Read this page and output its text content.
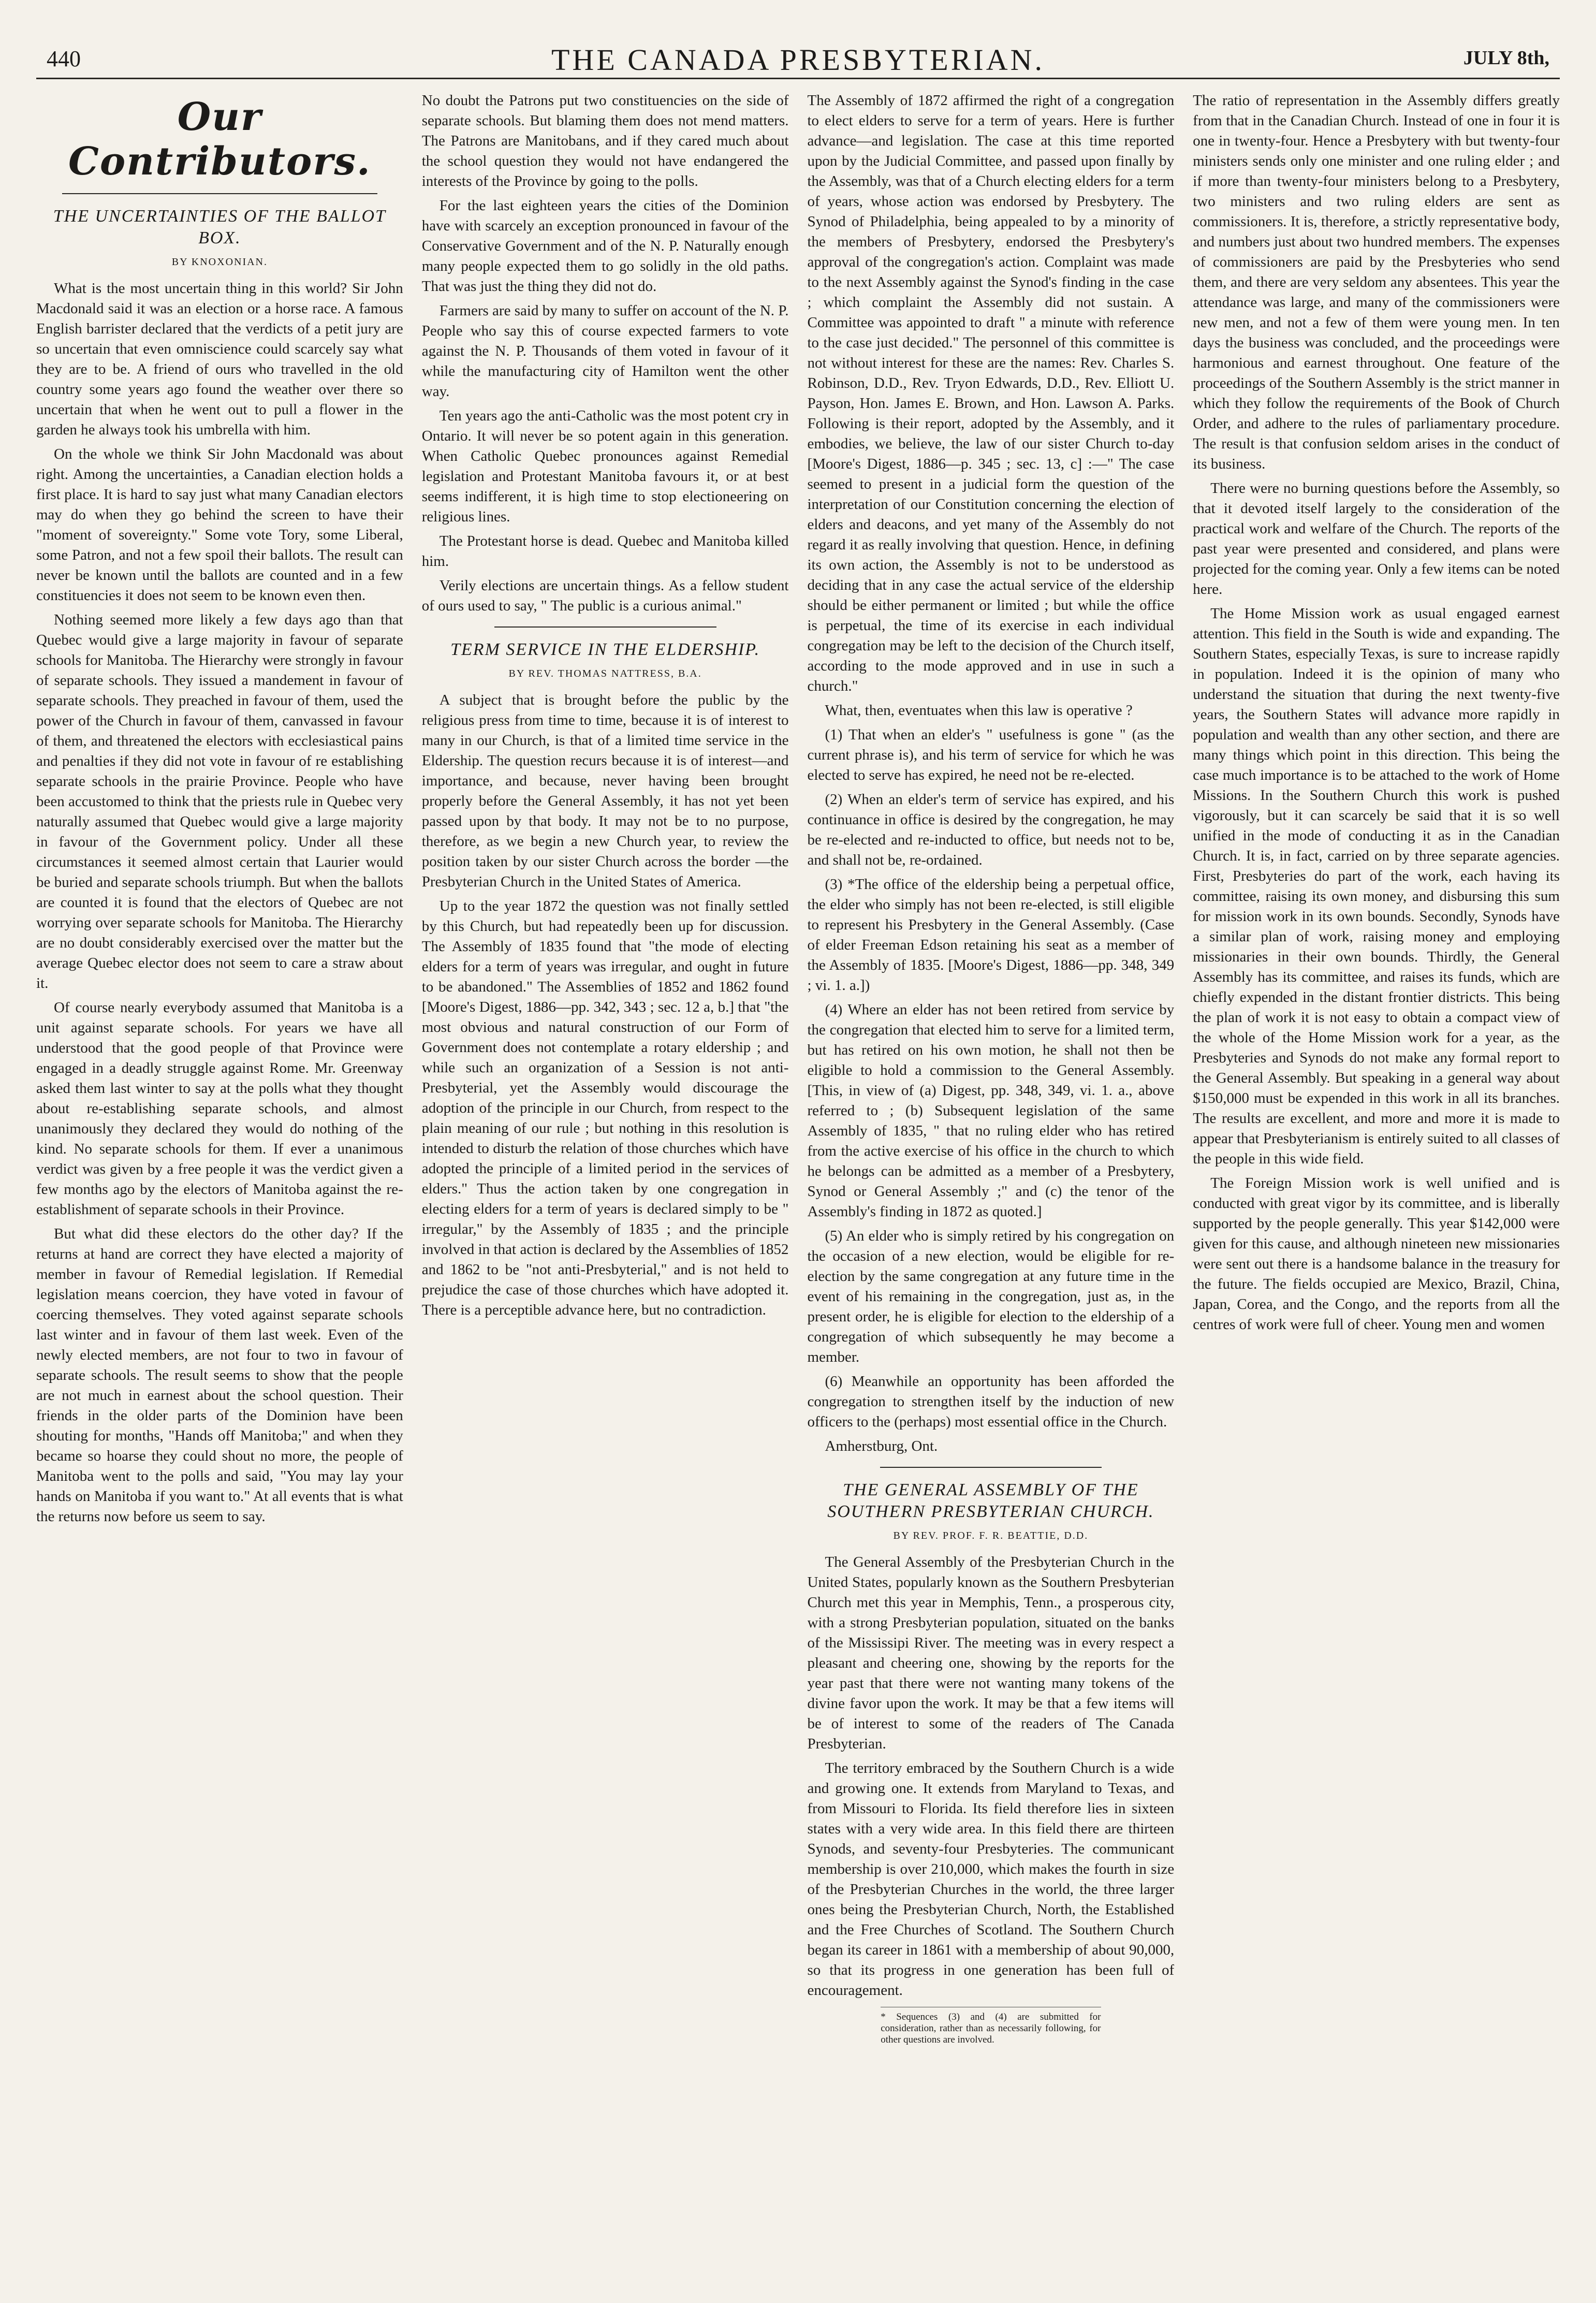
440	THE CANADA PRESBYTERIAN.	JULY 8th,
Our Contributors.
THE UNCERTAINTIES OF THE BALLOT BOX.
BY KNOXONIAN.

What is the most uncertain thing in this world? Sir John Macdonald said it was an election or a horse race. A famous English barrister declared that the verdicts of a petit jury are so uncertain that even omniscience could scarcely say what they are to be. A friend of ours who travelled in the old country some years ago found the weather over there so uncertain that when he went out to pull a flower in the garden he always took his umbrella with him.

On the whole we think Sir John Macdonald was about right. Among the uncertainties, a Canadian election holds a first place. It is hard to say just what many Canadian electors may do when they go behind the screen to have their "moment of sovereignty." Some vote Tory, some Liberal, some Patron, and not a few spoil their ballots. The result can never be known until the ballots are counted and in a few constituencies it does not seem to be known even then.

Nothing seemed more likely a few days ago than that Quebec would give a large majority in favour of separate schools for Manitoba. The Hierarchy were strongly in favour of separate schools. They issued a mandement in favour of separate schools. They preached in favour of them, used the power of the Church in favour of them, canvassed in favour of them, and threatened the electors with ecclesiastical pains and penalties if they did not vote in favour of re establishing separate schools in the prairie Province. People who have been accustomed to think that the priests rule in Quebec very naturally assumed that Quebec would give a large majority in favour of the Government policy. Under all these circumstances it seemed almost certain that Laurier would be buried and separate schools triumph. But when the ballots are counted it is found that the electors of Quebec are not worrying over separate schools for Manitoba. The Hierarchy are no doubt considerably exercised over the matter but the average Quebec elector does not seem to care a straw about it.

Of course nearly everybody assumed that Manitoba is a unit against separate schools. For years we have all understood that the good people of that Province were engaged in a deadly struggle against Rome. Mr. Greenway asked them last winter to say at the polls what they thought about re-establishing separate schools, and almost unanimously they declared they would do nothing of the kind. No separate schools for them. If ever a unanimous verdict was given by a free people it was the verdict given a few months ago by the electors of Manitoba against the re-establishment of separate schools in their Province.

But what did these electors do the other day? If the returns at hand are correct they have elected a majority of member in favour of Remedial legislation. If Remedial legislation means coercion, they have voted in favour of coercing themselves. They voted against separate schools last winter and in favour of them last week. Even of the newly elected members, are not four to two in favour of separate schools. The result seems to show that the people are not much in earnest about the school question. Their friends in the older parts of the Dominion have been shouting for months, "Hands off Manitoba;" and when they became so hoarse they could shout no more, the people of Manitoba went to the polls and said, "You may lay your hands on Manitoba if you want to." At all events that is what the returns now before us seem to say.

No doubt the Patrons put two constituencies on the side of separate schools. But blaming them does not mend matters. The Patrons are Manitobans, and if they cared much about the school question they would not have endangered the interests of the Province by going to the polls.

For the last eighteen years the cities of the Dominion have with scarcely an exception pronounced in favour of the Conservative Government and of the N. P. Naturally enough many people expected them to go solidly in the old paths. That was just the thing they did not do.

Farmers are said by many to suffer on account of the N. P. People who say this of course expected farmers to vote against the N. P. Thousands of them voted in favour of it while the manufacturing city of Hamilton went the other way.

Ten years ago the anti-Catholic was the most potent cry in Ontario. It will never be so potent again in this generation. When Catholic Quebec pronounces against Remedial legislation and Protestant Manitoba favours it, or at best seems indifferent, it is high time to stop electioneering on religious lines.

The Protestant horse is dead. Quebec and Manitoba killed him.

Verily elections are uncertain things. As a fellow student of ours used to say, " The public is a curious animal."

TERM SERVICE IN THE ELDERSHIP.
BY REV. THOMAS NATTRESS, B.A.

A subject that is brought before the public by the religious press from time to time, because it is of interest to many in our Church, is that of a limited time service in the Eldership. The question recurs because it is of interest—and importance, and because, never having been brought properly before the General Assembly, it has not yet been passed upon by that body. It may not be to no purpose, therefore, as we begin a new Church year, to review the position taken by our sister Church across the border —the Presbyterian Church in the United States of America.

Up to the year 1872 the question was not finally settled by this Church, but had repeatedly been up for discussion. The Assembly of 1835 found that "the mode of electing elders for a term of years was irregular, and ought in future to be abandoned." The Assemblies of 1852 and 1862 found [Moore's Digest, 1886—pp. 342, 343 ; sec. 12 a, b.] that "the most obvious and natural construction of our Form of Government does not contemplate a rotary eldership ; and while such an organization of a Session is not anti-Presbyterial, yet the Assembly would discourage the adoption of the principle in our Church, from respect to the plain meaning of our rule ; but nothing in this resolution is intended to disturb the relation of those churches which have adopted the principle of a limited period in the services of elders." Thus the action taken by one congregation in electing elders for a term of years is declared simply to be " irregular," by the Assembly of 1835 ; and the principle involved in that action is declared by the Assemblies of 1852 and 1862 to be "not anti-Presbyterial," and is not held to prejudice the case of those churches which have adopted it. There is a perceptible advance here, but no contradiction.

The Assembly of 1872 affirmed the right of a congregation to elect elders to serve for a term of years. Here is further advance—and legislation. The case at this time reported upon by the Judicial Committee, and passed upon finally by the Assembly, was that of a Church electing elders for a term of years, whose action was endorsed by Presbytery. The Synod of Philadelphia, being appealed to by a minority of the members of Presbytery, endorsed the Presbytery's approval of the congregation's action. Complaint was made to the next Assembly against the Synod's finding in the case ; which complaint the Assembly did not sustain. A Committee was appointed to draft " a minute with reference to the case just decided." The personnel of this committee is not without interest for these are the names: Rev. Charles S. Robinson, D.D., Rev. Tryon Edwards, D.D., Rev. Elliott U. Payson, Hon. James E. Brown, and Hon. Lawson A. Parks. Following is their report, adopted by the Assembly, and it embodies, we believe, the law of our sister Church to-day [Moore's Digest, 1886—p. 345 ; sec. 13, c] :—" The case seemed to present in a judicial form the question of the interpretation of our Constitution concerning the election of elders and deacons, and yet many of the Assembly do not regard it as really involving that question. Hence, in defining its own action, the Assembly is not to be understood as deciding that in any case the actual service of the eldership should be either permanent or limited ; but while the office is perpetual, the time of its exercise in each individual congregation may be left to the decision of the Church itself, according to the mode approved and in use in such a church."

What, then, eventuates when this law is operative ?

(1) That when an elder's " usefulness is gone " (as the current phrase is), and his term of service for which he was elected to serve has expired, he need not be re-elected.

(2) When an elder's term of service has expired, and his continuance in office is desired by the congregation, he may be re-elected and re-inducted to office, but needs not to be, and shall not be, re-ordained.

(3) *The office of the eldership being a perpetual office, the elder who simply has not been re-elected, is still eligible to represent his Presbytery in the General Assembly. (Case of elder Freeman Edson retaining his seat as a member of the Assembly of 1835. [Moore's Digest, 1886—pp. 348, 349 ; vi. 1. a.])

(4) Where an elder has not been retired from service by the congregation that elected him to serve for a limited term, but has retired on his own motion, he shall not then be eligible to hold a commission to the General Assembly. [This, in view of (a) Digest, pp. 348, 349, vi. 1. a., above referred to ; (b) Subsequent legislation of the same Assembly of 1835, " that no ruling elder who has retired from the active exercise of his office in the church to which he belongs can be admitted as a member of a Presbytery, Synod or General Assembly ;" and (c) the tenor of the Assembly's finding in 1872 as quoted.]

(5) An elder who is simply retired by his congregation on the occasion of a new election, would be eligible for re-election by the same congregation at any future time in the event of his remaining in the congregation, just as, in the present order, he is eligible for election to the eldership of a congregation of which subsequently he may become a member.

(6) Meanwhile an opportunity has been afforded the congregation to strengthen itself by the induction of new officers to the (perhaps) most essential office in the Church.

Amherstburg, Ont.

THE GENERAL ASSEMBLY OF THE SOUTHERN PRESBYTERIAN CHURCH.
BY REV. PROF. F. R. BEATTIE, D.D.

The General Assembly of the Presbyterian Church in the United States, popularly known as the Southern Presbyterian Church met this year in Memphis, Tenn., a prosperous city, with a strong Presbyterian population, situated on the banks of the Mississipi River. The meeting was in every respect a pleasant and cheering one, showing by the reports for the year past that there were not wanting many tokens of the divine favor upon the work. It may be that a few items will be of interest to some of the readers of The Canada Presbyterian.

The territory embraced by the Southern Church is a wide and growing one. It extends from Maryland to Texas, and from Missouri to Florida. Its field therefore lies in sixteen states with a very wide area. In this field there are thirteen Synods, and seventy-four Presbyteries. The communicant membership is over 210,000, which makes the fourth in size of the Presbyterian Churches in the world, the three larger ones being the Presbyterian Church, North, the Established and the Free Churches of Scotland. The Southern Church began its career in 1861 with a membership of about 90,000, so that its progress in one generation has been full of encouragement.

* Sequences (3) and (4) are submitted for consideration, rather than as necessarily following, for other questions are involved.

The ratio of representation in the Assembly differs greatly from that in the Canadian Church. Instead of one in four it is one in twenty-four. Hence a Presbytery with but twenty-four ministers sends only one minister and one ruling elder ; and if more than twenty-four ministers belong to a Presbytery, two ministers and two ruling elders are sent as commissioners. It is, therefore, a strictly representative body, and numbers just about two hundred members. The expenses of commissioners are paid by the Presbyteries who send them, and there are very seldom any absentees. This year the attendance was large, and many of the commissioners were new men, and not a few of them were young men. In ten days the business was concluded, and the proceedings were harmonious and earnest throughout. One feature of the proceedings of the Southern Assembly is the strict manner in which they follow the requirements of the Book of Church Order, and adhere to the rules of parliamentary procedure. The result is that confusion seldom arises in the conduct of its business.

There were no burning questions before the Assembly, so that it devoted itself largely to the consideration of the practical work and welfare of the Church. The reports of the past year were presented and considered, and plans were projected for the coming year. Only a few items can be noted here.

The Home Mission work as usual engaged earnest attention. This field in the South is wide and expanding. The Southern States, especially Texas, is sure to increase rapidly in population. Indeed it is the opinion of many who understand the situation that during the next twenty-five years, the Southern States will advance more rapidly in population and wealth than any other section, and there are many things which point in this direction. This being the case much importance is to be attached to the work of Home Missions. In the Southern Church this work is pushed vigorously, but it can scarcely be said that it is so well unified in the mode of conducting it as in the Canadian Church. It is, in fact, carried on by three separate agencies. First, Presbyteries do part of the work, each having its committee, raising its own money, and disbursing this sum for mission work in its own bounds. Secondly, Synods have a similar plan of work, raising money and employing missionaries in their own bounds. Thirdly, the General Assembly has its committee, and raises its funds, which are chiefly expended in the distant frontier districts. This being the plan of work it is not easy to obtain a compact view of the whole of the Home Mission work for a year, as the Presbyteries and Synods do not make any formal report to the General Assembly. But speaking in a general way about $150,000 must be expended in this work in all its branches. The results are excellent, and more and more it is made to appear that Presbyterianism is entirely suited to all classes of the people in this wide field.

The Foreign Mission work is well unified and is conducted with great vigor by its committee, and is liberally supported by the people generally. This year $142,000 were given for this cause, and although nineteen new missionaries were sent out there is a handsome balance in the treasury for the future. The fields occupied are Mexico, Brazil, China, Japan, Corea, and the Congo, and the reports from all the centres of work were full of cheer. Young men and women
